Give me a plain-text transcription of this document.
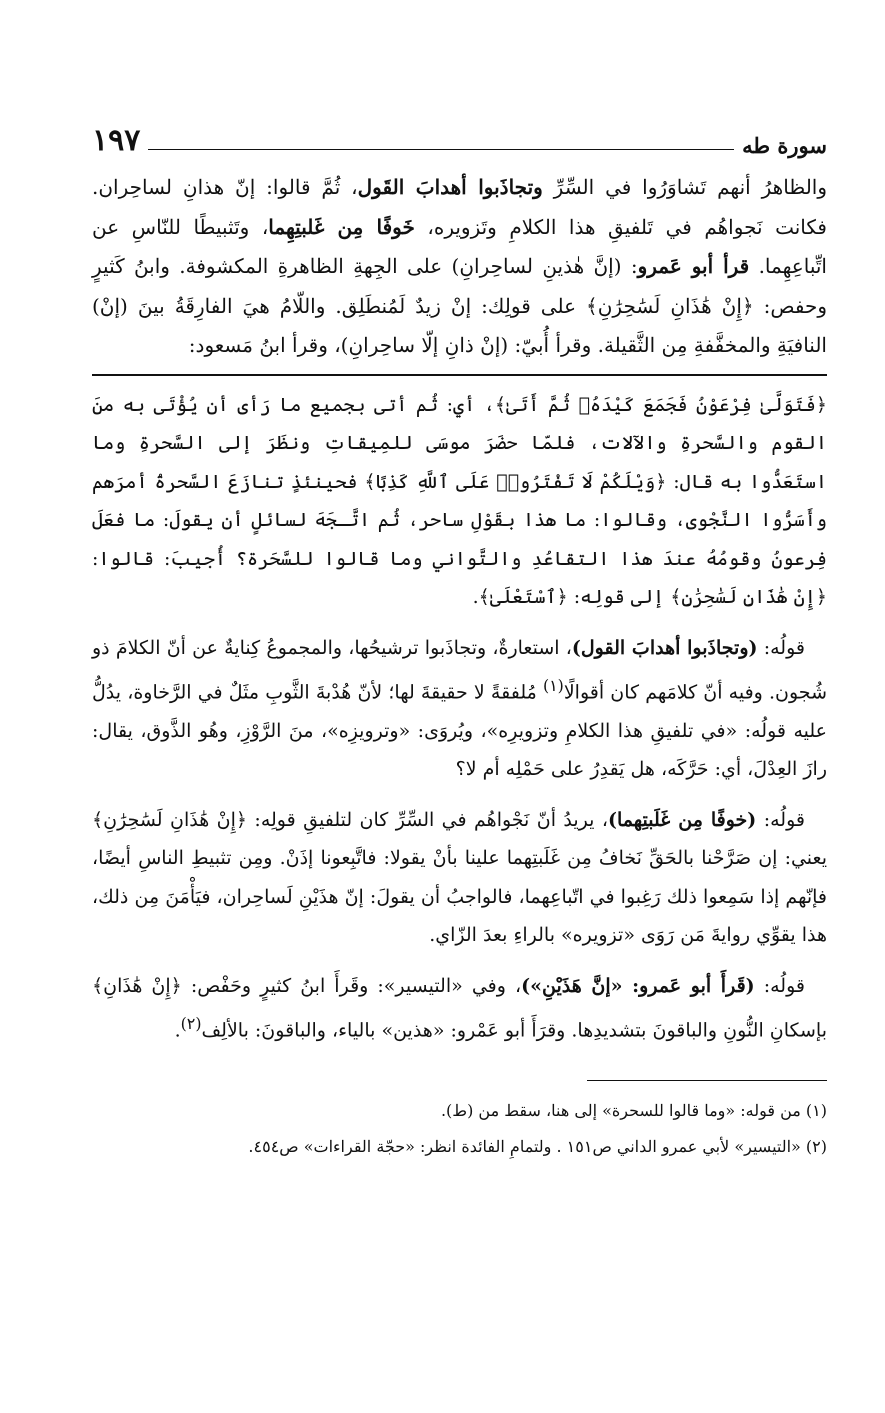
سورة طه
١٩٧

والظاهرُ أنهم تَشاوَرُوا في السِّرِّ وتجاذَبوا أهدابَ القَول، ثُمَّ قالوا: إنّ هذانِ لساحِران. فكانت نَجواهُم في تَلفيقِ هذا الكلامِ وتَزويره، خَوفًا مِن غَلبتِهِما، وتَثبيطًا للنّاسِ عن اتِّباعِهِما. قرأ أبو عَمرو: (إنَّ هٰذينِ لساحِرانِ) على الجِهةِ الظاهرةِ المكشوفة. وابنُ كَثيرٍ وحفص: ﴿إِنْ هَٰذَانِ لَسَٰحِرَٰنِ﴾ على قولِك: إنْ زيدٌ لَمُنطَلِق. واللّامُ هيَ الفارِقَةُ بينَ (إنْ) النافيَةِ والمخفَّفةِ مِن الثَّقيلة. وقرأ أُبيّ: (إنْ ذانِ إلّا ساحِرانِ)، وقرأ ابنُ مَسعود:

﴿فَتَوَلَّىٰ فِرْعَوْنُ فَجَمَعَ كَيْدَهُۥ ثُمَّ أَتَىٰ﴾، أي: ثُم أتى بجميع ما رَأى أن يُؤْتَى به منَ القوم والسَّحرةِ والآلات، فلمّا حضَرَ موسَى للمِيقاتِ ونظَرَ إلى السَّحرةِ وما استَعَدُّوا به قال: ﴿وَيْلَكُمْ لَا تَفْتَرُوا۟ عَلَى ٱللَّهِ كَذِبًا﴾ فحينئذٍ تنازَعَ السَّحرةُ أمرَهم وأَسَرُّوا النَّجْوى، وقالوا: ما هذا بقَوْلِ ساحر، ثُم اتَّـجَهَ لسائلٍ أن يقولَ: ما فعَلَ فِرعونُ وقومُهُ عندَ هذا التقاعُدِ والتَّواني وما قالوا للسَّحَرة؟ أُجيبَ: قالوا: ﴿إِنْ هَٰذَانِ لَسَٰحِرَٰنِ﴾ إلى قولِه: ﴿ٱسْتَعْلَىٰ﴾.

قولُه: (وتجاذَبوا أهدابَ القول)، استعارةٌ، وتجاذَبوا ترشيحُها، والمجموعُ كِنايةٌ عن أنّ الكلامَ ذو شُجون. وفيه أنّ كلامَهم كان أقوالًا$^{(١)}$ مُلفقةً لا حقيقةَ لها؛ لأنّ هُدْبةَ الثَّوبِ مثَلٌ في الرَّخاوة، يدُلُّ عليه قولُه: «في تلفيقِ هذا الكلامِ وتزويرِه»، ويُروَى: «وترويزِه»، منَ الرَّوْزِ، وهُو الذَّوق، يقال: رازَ العِدْلَ، أي: حَرَّكَه، هل يَقدِرُ على حَمْلِه أم لا؟

قولُه: (خوفًا مِن غَلَبتِهما)، يريدُ أنّ نَجْواهُم في السِّرِّ كان لتلفيقِ قولِه: ﴿إِنْ هَٰذَانِ لَسَٰحِرَٰنِ﴾ يعني: إن صَرَّحْنا بالحَقِّ نَخافُ مِن غَلَبتِهما علينا بأنْ يقولا: فاتَّبِعونا إذَنْ. ومِن تثبيطِ الناسِ أيضًا، فإنّهم إذا سَمِعوا ذلك رَغِبوا في اتّباعِهما، فالواجبُ أن يقولَ: إنّ هذَيْنِ لَساحِران، فيَأْمَنَ مِن ذلك، هذا يقوِّي روايةَ مَن رَوَى «تزويره» بالراءِ بعدَ الزّاي.

قولُه: (قَرأَ أبو عَمرو: «إنَّ هَذَيْنِ»)، وفي «التيسير»: وقَرأَ ابنُ كثيرٍ وحَفْص: ﴿إِنْ هَٰذَانِ﴾ بإسكانِ النُّونِ والباقونَ بتشديدِها. وقرَأَ أبو عَمْرو: «هذين» بالياء، والباقونَ: بالألِف$^{(٢)}$.

(١) من قوله: «وما قالوا للسحرة» إلى هنا، سقط من (ط).

(٢) «التيسير» لأبي عمرو الداني ص١٥١ . ولتمامِ الفائدة انظر: «حجّة القراءات» ص٤٥٤.
